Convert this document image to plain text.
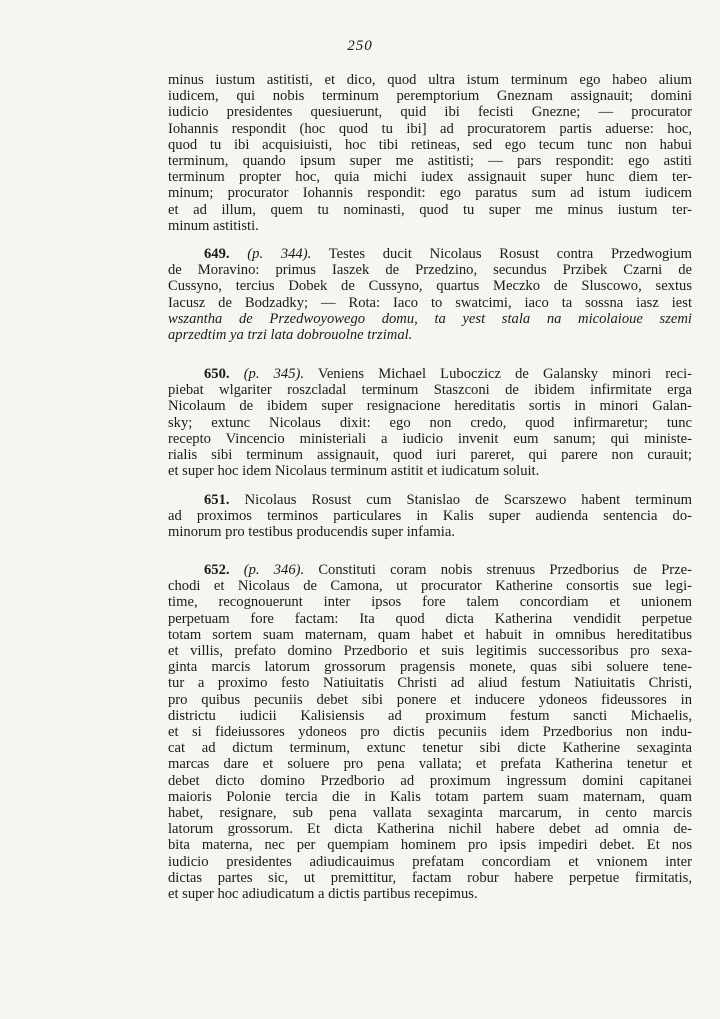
250
minus iustum astitisti, et dico, quod ultra istum terminum ego habeo alium
iudicem, qui nobis terminum peremptorium Gneznam assignauit; domini
iudicio presidentes quesiuerunt, quid ibi fecisti Gnezne; — procurator
Iohannis respondit (hoc quod tu ibi] ad procuratorem partis aduerse: hoc,
quod tu ibi acquisiuisti, hoc tibi retineas, sed ego tecum tunc non habui
terminum, quando ipsum super me astitisti; — pars respondit: ego astiti
terminum propter hoc, quia michi iudex assignauit super hunc diem ter-
minum; procurator Iohannis respondit: ego paratus sum ad istum iudicem
et ad illum, quem tu nominasti, quod tu super me minus iustum ter-
minum astitisti.
649. (p. 344). Testes ducit Nicolaus Rosust contra Przedwogium
de Moravino: primus Iaszek de Przedzino, secundus Przibek Czarni de
Cussyno, tercius Dobek de Cussyno, quartus Meczko de Sluscowo, sextus
Iacusz de Bodzadky; — Rota: Iaco to swatcimi, iaco ta sossna iasz iest
wszantha de Przedwoyowego domu, ta yest stala na micolaioue szemi
aprzedtim ya trzi lata dobrouolne trzimal.
650. (p. 345). Veniens Michael Luboczicz de Galansky minori reci-
piebat wlgariter roszcladal terminum Staszconi de ibidem infirmitate erga
Nicolaum de ibidem super resignacione hereditatis sortis in minori Galan-
sky; extunc Nicolaus dixit: ego non credo, quod infirmaretur; tunc
recepto Vincencio ministeriali a iudicio invenit eum sanum; qui ministe-
rialis sibi terminum assignauit, quod iuri pareret, qui parere non curauit;
et super hoc idem Nicolaus terminum astitit et iudicatum soluit.
651. Nicolaus Rosust cum Stanislao de Scarszewo habent terminum
ad proximos terminos particulares in Kalis super audienda sentencia do-
minorum pro testibus producendis super infamia.
652. (p. 346). Constituti coram nobis strenuus Przedborius de Prze-
chodi et Nicolaus de Camona, ut procurator Katherine consortis sue legi-
time, recognouerunt inter ipsos fore talem concordiam et unionem
perpetuam fore factam: Ita quod dicta Katherina vendidit perpetue
totam sortem suam maternam, quam habet et habuit in omnibus hereditatibus
et villis, prefato domino Przedborio et suis legitimis successoribus pro sexa-
ginta marcis latorum grossorum pragensis monete, quas sibi soluere tene-
tur a proximo festo Natiuitatis Christi ad aliud festum Natiuitatis Christi,
pro quibus pecuniis debet sibi ponere et inducere ydoneos fideussores in
districtu iudicii Kalisiensis ad proximum festum sancti Michaelis,
et si fideiussores ydoneos pro dictis pecuniis idem Przedborius non indu-
cat ad dictum terminum, extunc tenetur sibi dicte Katherine sexaginta
marcas dare et soluere pro pena vallata; et prefata Katherina tenetur et
debet dicto domino Przedborio ad proximum ingressum domini capitanei
maioris Polonie tercia die in Kalis totam partem suam maternam, quam
habet, resignare, sub pena vallata sexaginta marcarum, in cento marcis
latorum grossorum. Et dicta Katherina nichil habere debet ad omnia de-
bita materna, nec per quempiam hominem pro ipsis impediri debet. Et nos
iudicio presidentes adiudicauimus prefatam concordiam et vnionem inter
dictas partes sic, ut premittitur, factam robur habere perpetue firmitatis,
et super hoc adiudicatum a dictis partibus recepimus.
